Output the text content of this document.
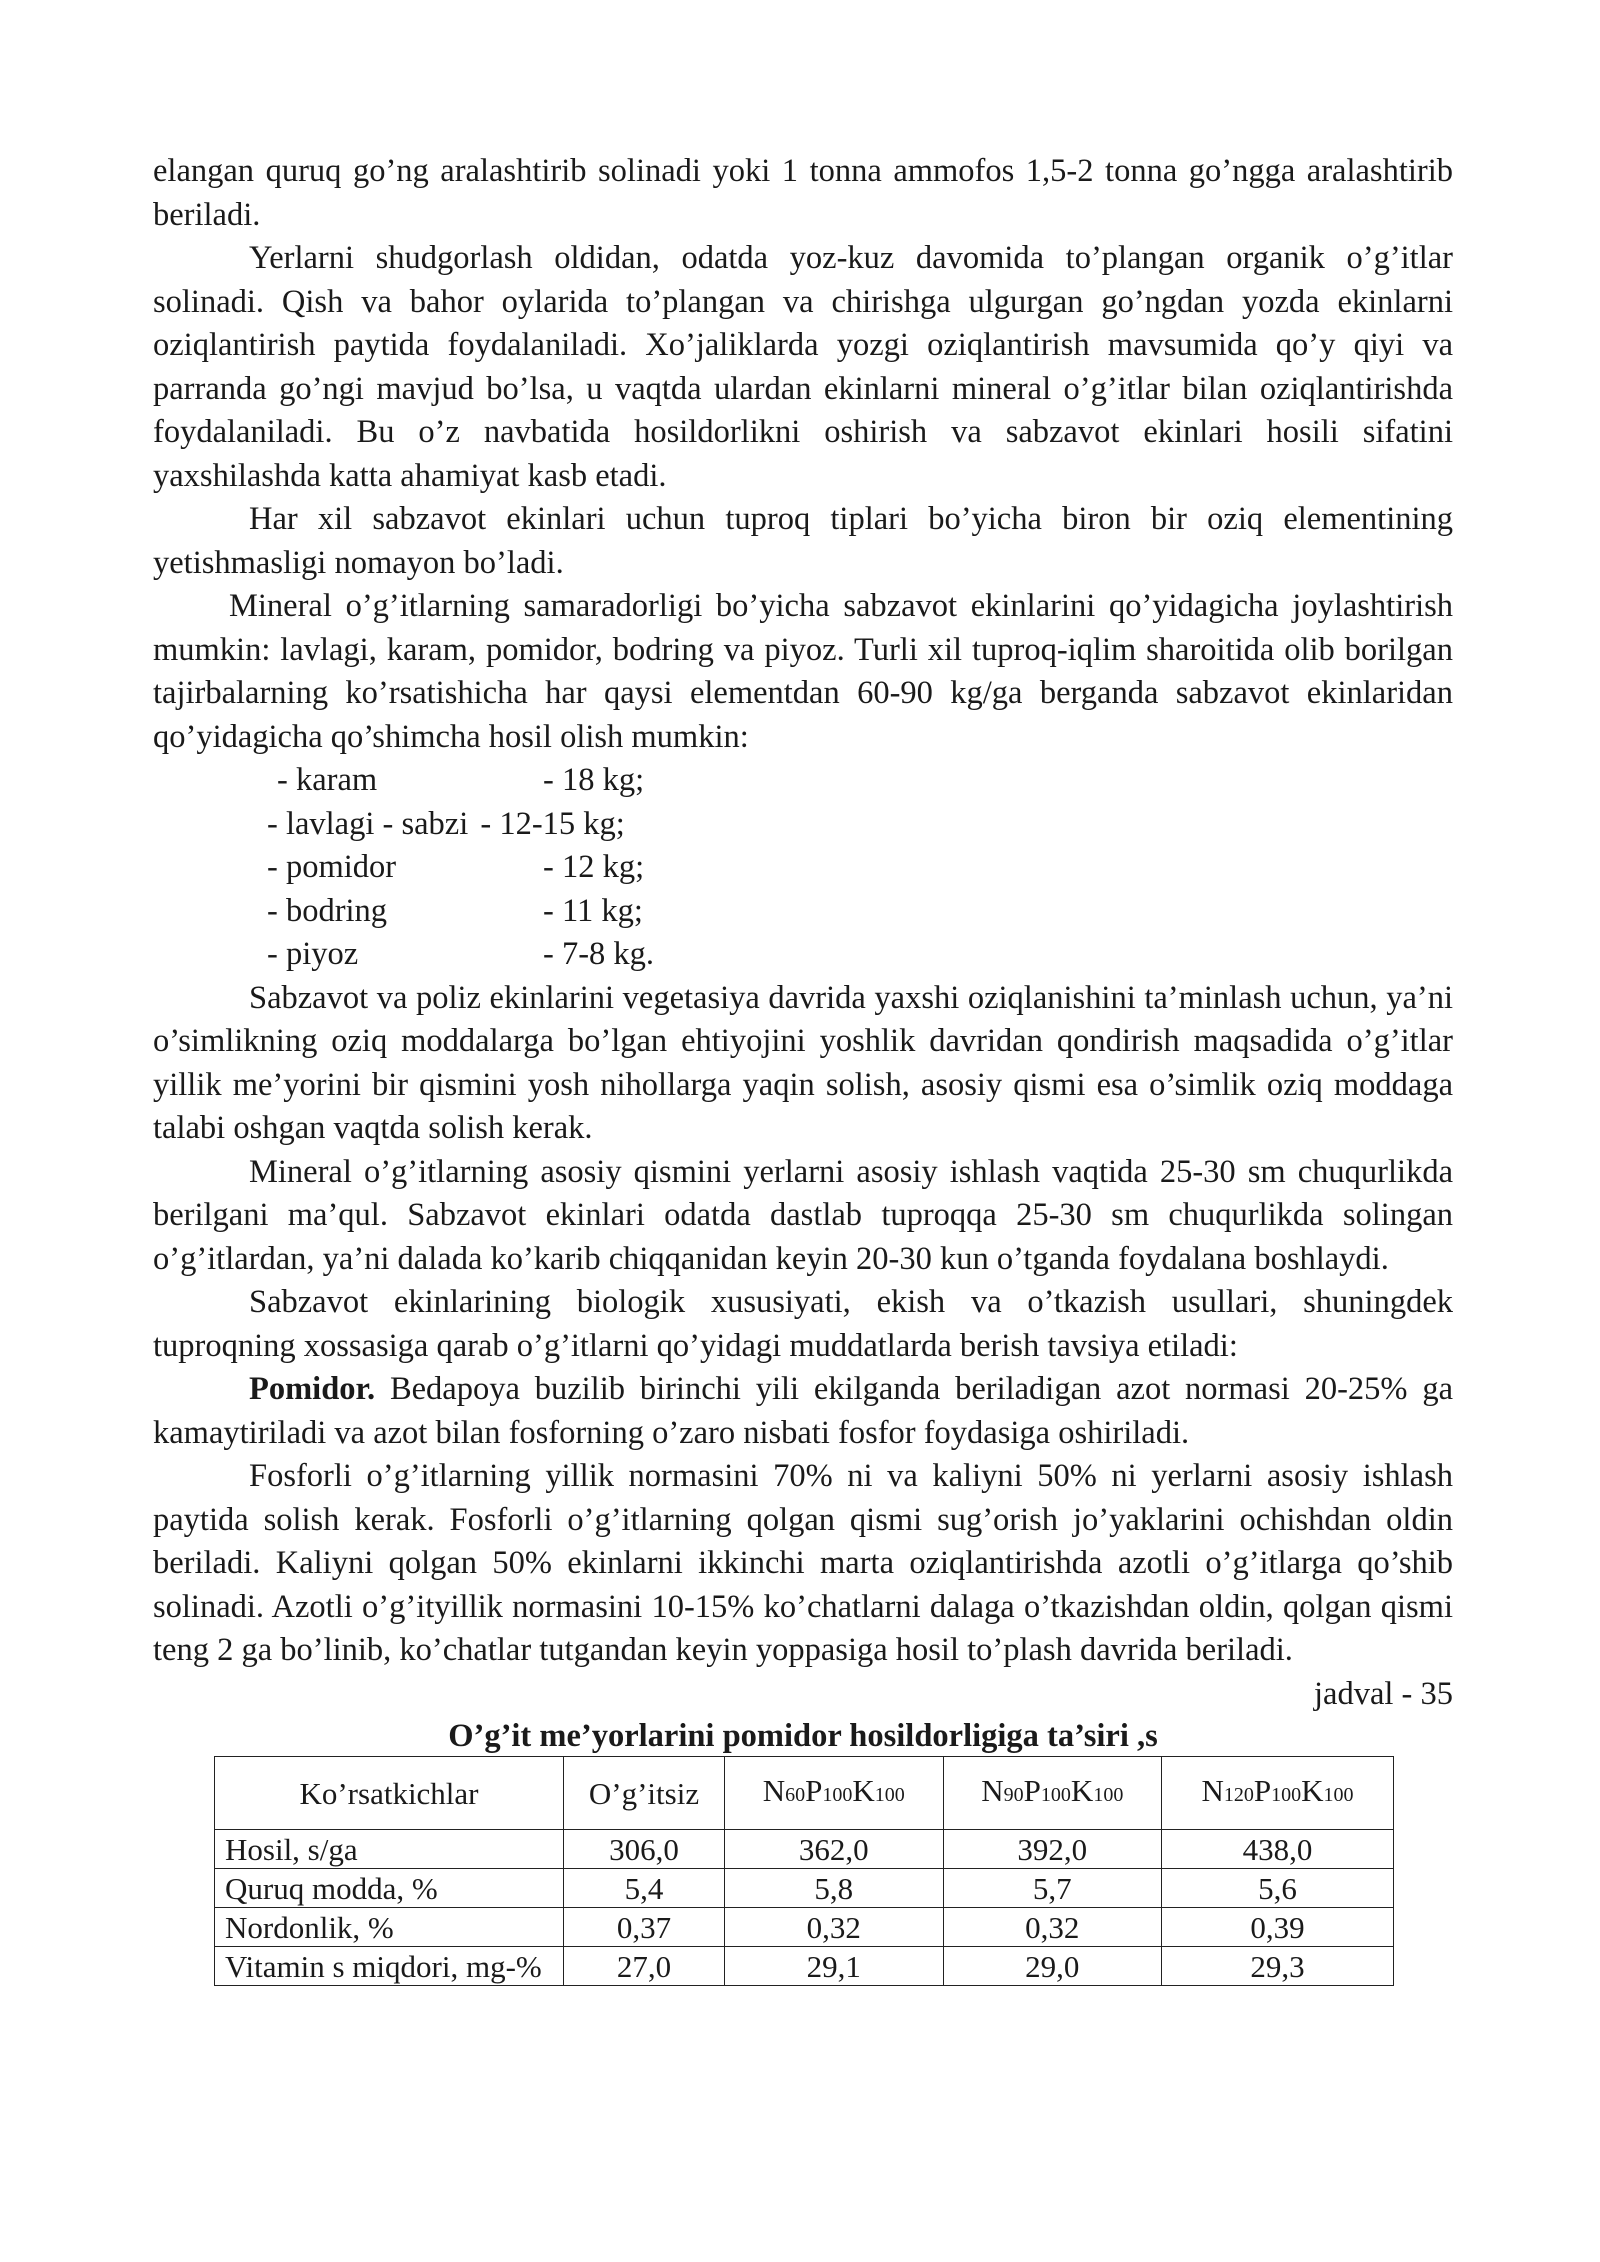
elangan quruq go’ng aralashtirib solinadi yoki 1 tonna ammofos 1,5-2 tonna go’ngga aralashtirib beriladi.

Yerlarni shudgorlash oldidan, odatda yoz-kuz davomida to’plangan organik o’g’itlar solinadi. Qish va bahor oylarida to’plangan va chirishga ulgurgan go’ngdan yozda ekinlarni oziqlantirish paytida foydalaniladi. Xo’jaliklarda yozgi oziqlantirish mavsumida qo’y qiyi va parranda go’ngi mavjud bo’lsa, u vaqtda ulardan ekinlarni mineral o’g’itlar bilan oziqlantirishda foydalaniladi. Bu o’z navbatida hosildorlikni oshirish va sabzavot ekinlari hosili sifatini yaxshilashda katta ahamiyat kasb etadi.

Har xil sabzavot ekinlari uchun tuproq tiplari bo’yicha biron bir oziq elementining yetishmasligi nomayon bo’ladi.

Mineral o’g’itlarning samaradorligi bo’yicha sabzavot ekinlarini qo’yidagicha joylashtirish mumkin: lavlagi, karam, pomidor, bodring va piyoz. Turli xil tuproq-iqlim sharoitida olib borilgan tajirbalarning ko’rsatishicha har qaysi elementdan 60-90 kg/ga berganda sabzavot ekinlaridan qo’yidagicha qo’shimcha hosil olish mumkin:

- karam	- 18 kg;
- lavlagi - sabzi - 12-15 kg;
- pomidor	- 12 kg;
- bodring	- 11 kg;
- piyoz	- 7-8 kg.

Sabzavot va poliz ekinlarini vegetasiya davrida yaxshi oziqlanishini ta’minlash uchun, ya’ni o’simlikning oziq moddalarga bo’lgan ehtiyojini yoshlik davridan qondirish maqsadida o’g’itlar yillik me’yorini bir qismini yosh nihollarga yaqin solish, asosiy qismi esa o’simlik oziq moddaga talabi oshgan vaqtda solish kerak.

Mineral o’g’itlarning asosiy qismini yerlarni asosiy ishlash vaqtida 25-30 sm chuqurlikda berilgani ma’qul. Sabzavot ekinlari odatda dastlab tuproqqa 25-30 sm chuqurlikda solingan o’g’itlardan, ya’ni dalada ko’karib chiqqanidan keyin 20-30 kun o’tganda foydalana boshlaydi.

Sabzavot ekinlarining biologik xususiyati, ekish va o’tkazish usullari, shuningdek tuproqning xossasiga qarab o’g’itlarni qo’yidagi muddatlarda berish tavsiya etiladi:

Pomidor. Bedapoya buzilib birinchi yili ekilganda beriladigan azot normasi 20-25% ga kamaytiriladi va azot bilan fosforning o’zaro nisbati fosfor foydasiga oshiriladi.

Fosforli o’g’itlarning yillik normasini 70% ni va kaliyni 50% ni yerlarni asosiy ishlash paytida solish kerak. Fosforli o’g’itlarning qolgan qismi sug’orish jo’yaklarini ochishdan oldin beriladi. Kaliyni qolgan 50% ekinlarni ikkinchi marta oziqlantirishda azotli o’g’itlarga qo’shib solinadi. Azotli o’g’ityillik normasini 10-15% ko’chatlarni dalaga o’tkazishdan oldin, qolgan qismi teng 2 ga bo’linib, ko’chatlar tutgandan keyin yoppasiga hosil to’plash davrida beriladi.

jadval - 35

O’g’it me’yorlarini pomidor hosildorligiga ta’siri ,s

Ko’rsatkichlar	O’g’itsiz	N60P100K100	N90P100K100	N120P100K100
Hosil, s/ga	306,0	362,0	392,0	438,0
Quruq modda, %	5,4	5,8	5,7	5,6
Nordonlik, %	0,37	0,32	0,32	0,39
Vitamin s miqdori, mg-%	27,0	29,1	29,0	29,3
